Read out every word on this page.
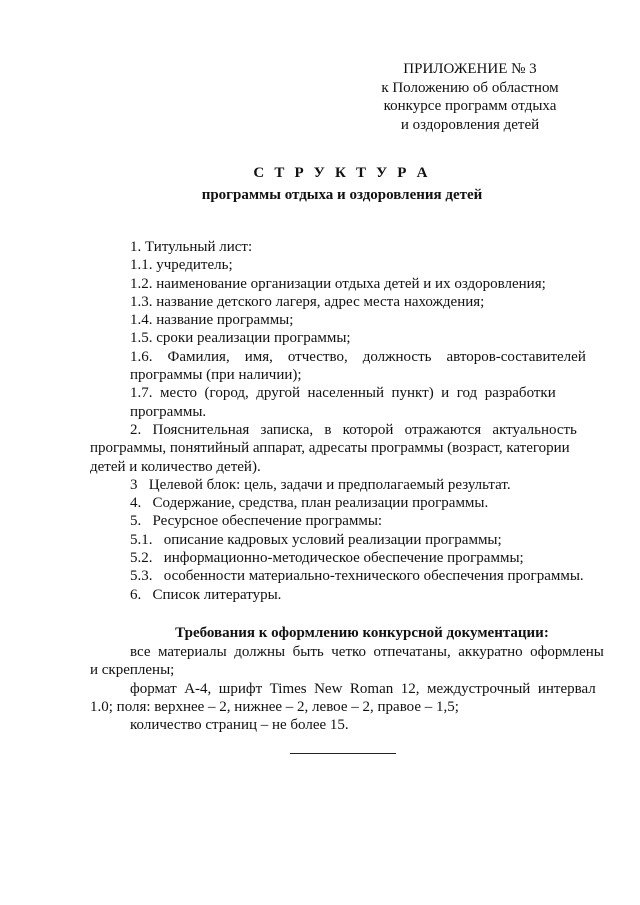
ПРИЛОЖЕНИЕ № 3
к Положению об областном
конкурсе программ отдыха
и оздоровления детей
С Т Р У К Т У Р А
программы отдыха и оздоровления детей
1. Титульный лист:
1.1. учредитель;
1.2. наименование организации отдыха детей и их оздоровления;
1.3. название детского лагеря, адрес места нахождения;
1.4. название программы;
1.5. сроки реализации программы;
1.6.    Фамилия,    имя,    отчество,    должность    авторов-составителей
программы (при наличии);
1.7.  место  (город,  другой  населенный  пункт)  и  год  разработки
программы.
2.   Пояснительная   записка,   в   которой   отражаются   актуальность
программы, понятийный аппарат, адресаты программы (возраст, категории
детей и количество детей).
3   Целевой блок: цель, задачи и предполагаемый результат.
4.   Содержание, средства, план реализации программы.
5.   Ресурсное обеспечение программы:
5.1.   описание кадровых условий реализации программы;
5.2.   информационно-методическое обеспечение программы;
5.3.   особенности материально-технического обеспечения программы.
6.   Список литературы.
Требования к оформлению конкурсной документации:
все  материалы  должны  быть  четко  отпечатаны,  аккуратно  оформлены
и скреплены;
формат  А-4,  шрифт  Times  New  Roman  12,  междустрочный  интервал
1.0; поля: верхнее – 2, нижнее – 2, левое – 2, правое – 1,5;
количество страниц – не более 15.
